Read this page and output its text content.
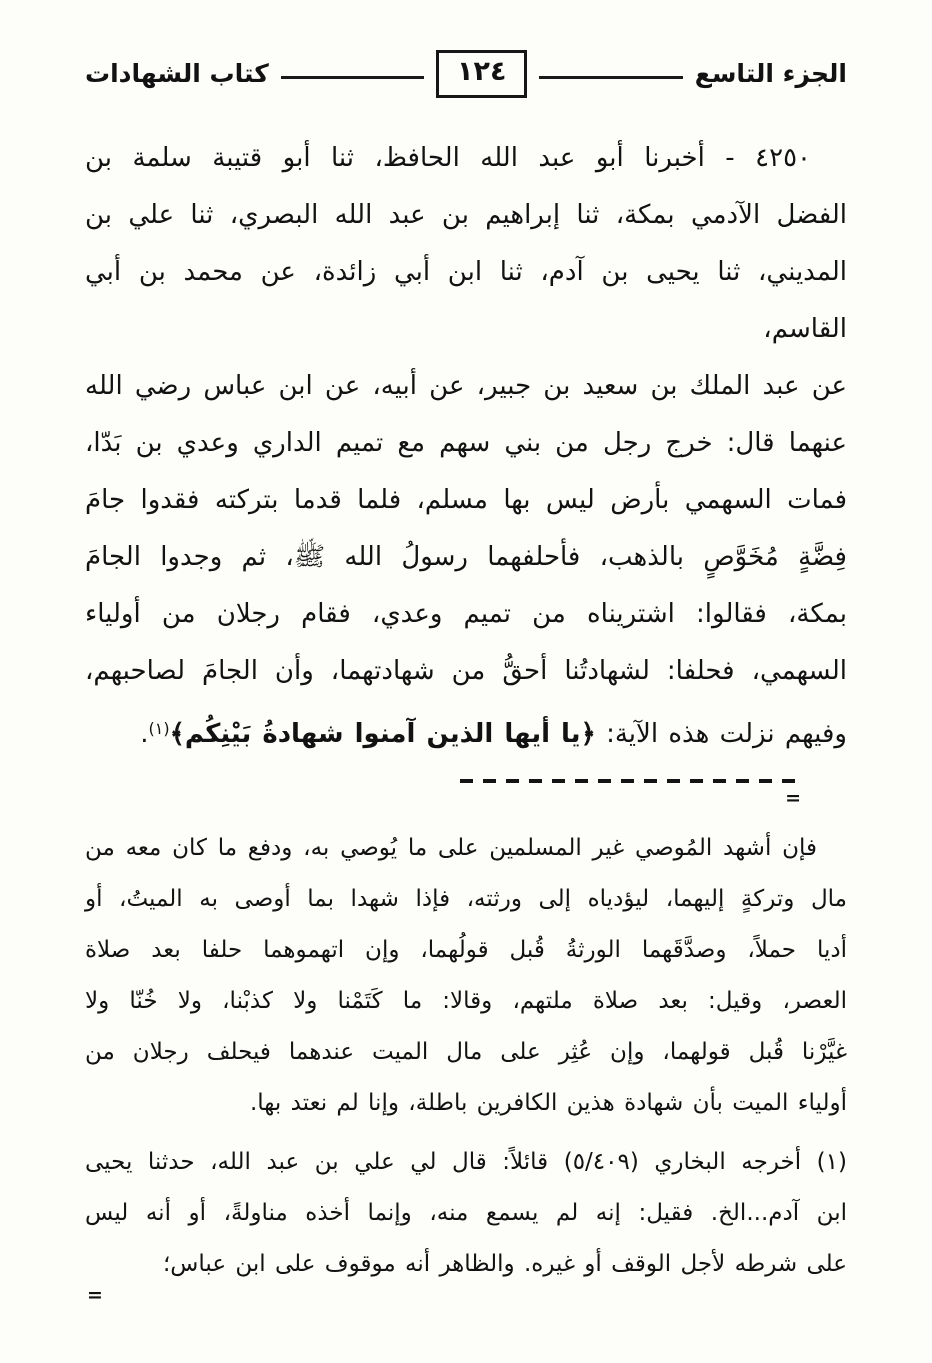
الجزء التاسع
١٢٤
كتاب الشهادات
٤٢٥٠ - أخبرنا أبو عبد الله الحافظ، ثنا أبو قتيبة سلمة بن
الفضل الآدمي بمكة، ثنا إبراهيم بن عبد الله البصري، ثنا علي بن
المديني، ثنا يحيى بن آدم، ثنا ابن أبي زائدة، عن محمد بن أبي القاسم،
عن عبد الملك بن سعيد بن جبير، عن أبيه، عن ابن عباس رضي الله
عنهما قال: خرج رجل من بني سهم مع تميم الداري وعدي بن بَدّا،
فمات السهمي بأرض ليس بها مسلم، فلما قدما بتركته فقدوا جامَ
فِضَّةٍ مُخَوَّصٍ بالذهب، فأحلفهما رسولُ الله ﷺ، ثم وجدوا الجامَ
بمكة، فقالوا: اشتريناه من تميم وعدي، فقام رجلان من أولياء
السهمي، فحلفا: لشهادتُنا أحقُّ من شهادتهما، وأن الجامَ لصاحبهم،
وفيهم نزلت هذه الآية: ﴿يا أيها الذين آمنوا شهادةُ بَيْنِكُم﴾$^{(١)}$.
=
فإن أشهد المُوصي غير المسلمين على ما يُوصي به، ودفع ما كان معه من
مال وتركةٍ إليهما، ليؤدياه إلى ورثته، فإذا شهدا بما أوصى به الميتُ، أو
أديا حملاً، وصدَّقَهما الورثةُ قُبل قولُهما، وإن اتهموهما حلفا بعد صلاة
العصر، وقيل: بعد صلاة ملتهم، وقالا: ما كَتَمْنا ولا كذبْنا، ولا خُنّا ولا
غيَّرْنا قُبل قولهما، وإن عُثِر على مال الميت عندهما فيحلف رجلان من
أولياء الميت بأن شهادة هذين الكافرين باطلة، وإنا لم نعتد بها.
(١) أخرجه البخاري (٥/٤٠٩) قائلاً: قال لي علي بن عبد الله، حدثنا يحيى
ابن آدم...الخ. فقيل: إنه لم يسمع منه، وإنما أخذه مناولةً، أو أنه ليس
على شرطه لأجل الوقف أو غيره. والظاهر أنه موقوف على ابن عباس؛
=
